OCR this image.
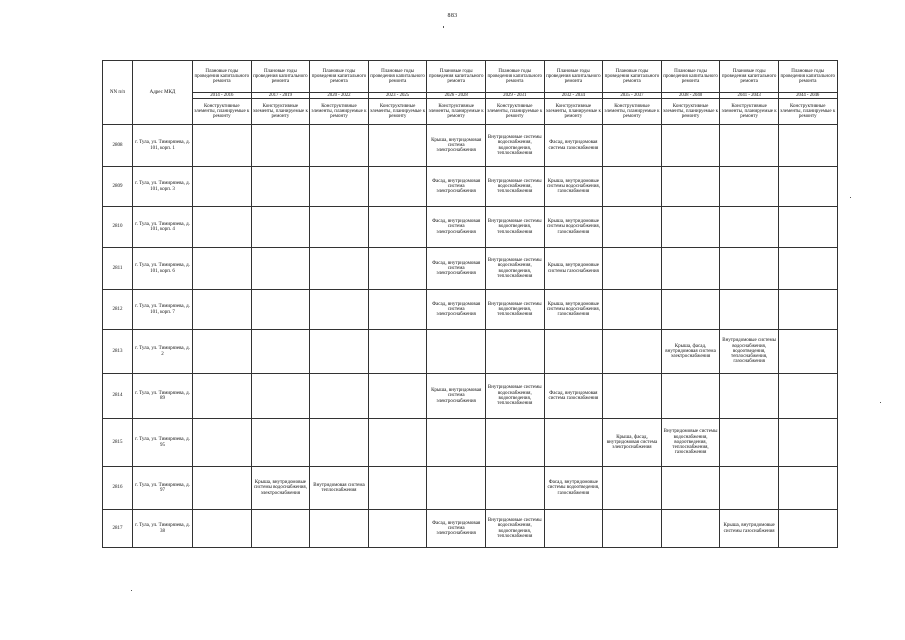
883
NN п/п	Адрес МКД	Плановые годы проведения капитального ремонта	Плановые годы проведения капитального ремонта	Плановые годы проведения капитального ремонта	Плановые годы проведения капитального ремонта	Плановые годы проведения капитального ремонта	Плановые годы проведения капитального ремонта	Плановые годы проведения капитального ремонта	Плановые годы проведения капитального ремонта	Плановые годы проведения капитального ремонта	Плановые годы проведения капитального ремонта	Плановые годы проведения капитального ремонта
		2014 - 2016	2017 - 2019	2020 - 2022	2023 - 2025	2026 - 2028	2029 - 2031	2032 - 2034	2035 - 2037	2038 - 2040	2041 - 2043	2044 - 2046
		Конструктивные элементы, планируемые к ремонту	Конструктивные элементы, планируемые к ремонту	Конструктивные элементы, планируемые к ремонту	Конструктивные элементы, планируемые к ремонту	Конструктивные элементы, планируемые к ремонту	Конструктивные элементы, планируемые к ремонту	Конструктивные элементы, планируемые к ремонту	Конструктивные элементы, планируемые к ремонту	Конструктивные элементы, планируемые к ремонту	Конструктивные элементы, планируемые к ремонту	Конструктивные элементы, планируемые к ремонту
2808	г. Тула, ул. Тимирязева, д. 101, корп. 1					Крыша, внутридомовая система электроснабжения	Внутридомовые системы водоснабжения, водоотведения, теплоснабжения	Фасад, внутридомовая система газоснабжения				
2809	г. Тула, ул. Тимирязева, д. 101, корп. 3					Фасад, внутридомовая система электроснабжения	Внутридомовые системы водоснабжения, теплоснабжения	Крыша, внутридомовые системы водоснабжения, газоснабжения				
2810	г. Тула, ул. Тимирязева, д. 101, корп. 4					Фасад, внутридомовая система электроснабжения	Внутридомовые системы водоотведения, теплоснабжения	Крыша, внутридомовые системы водоснабжения, газоснабжения				
2811	г. Тула, ул. Тимирязева, д. 101, корп. 6					Фасад, внутридомовая система электроснабжения	Внутридомовые системы водоснабжения, водоотведения, теплоснабжения	Крыша, внутридомовые системы газоснабжения				
2812	г. Тула, ул. Тимирязева, д. 101, корп. 7					Фасад, внутридомовая система электроснабжения	Внутридомовые системы водоотведения, теплоснабжения	Крыша, внутридомовые системы водоснабжения, газоснабжения				
2813	г. Тула, ул. Тимирязева, д. 2									Крыша, фасад, внутридомовая система электроснабжения	Внутридомовые системы водоснабжения, водоотведения, теплоснабжения, газоснабжения	
2814	г. Тула, ул. Тимирязева, д. 89					Крыша, внутридомовая система электроснабжения	Внутридомовые системы водоснабжения, водоотведения, теплоснабжения	Фасад, внутридомовая система газоснабжения				
2815	г. Тула, ул. Тимирязева, д. 95								Крыша, фасад, внутридомовая система электроснабжения	Внутридомовые системы водоснабжения, водоотведения, теплоснабжения, газоснабжения		
2816	г. Тула, ул. Тимирязева, д. 97		Крыша, внутридомовые системы водоснабжения, электроснабжения	Внутридомовая система теплоснабжения				Фасад, внутридомовые системы водоотведения, газоснабжения				
2817	г. Тула, ул. Тимирязева, д. 38					Фасад, внутридомовая система электроснабжения	Внутридомовые системы водоснабжения, водоотведения, теплоснабжения				Крыша, внутридомовые системы газоснабжения	
